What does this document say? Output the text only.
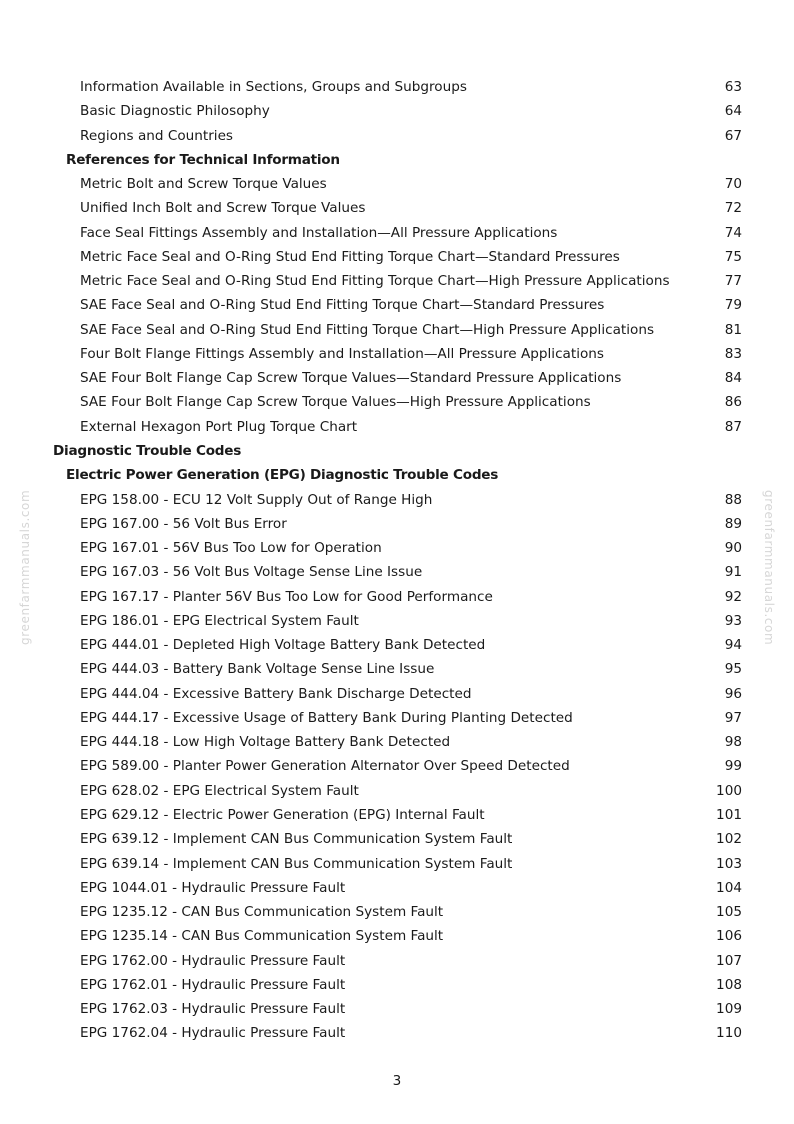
Information Available in Sections, Groups and Subgroups	63
Basic Diagnostic Philosophy	64
Regions and Countries	67
References for Technical Information
Metric Bolt and Screw Torque Values	70
Unified Inch Bolt and Screw Torque Values	72
Face Seal Fittings Assembly and Installation—All Pressure Applications	74
Metric Face Seal and O-Ring Stud End Fitting Torque Chart—Standard Pressures	75
Metric Face Seal and O-Ring Stud End Fitting Torque Chart—High Pressure Applications	77
SAE Face Seal and O-Ring Stud End Fitting Torque Chart—Standard Pressures	79
SAE Face Seal and O-Ring Stud End Fitting Torque Chart—High Pressure Applications	81
Four Bolt Flange Fittings Assembly and Installation—All Pressure Applications	83
SAE Four Bolt Flange Cap Screw Torque Values—Standard Pressure Applications	84
SAE Four Bolt Flange Cap Screw Torque Values—High Pressure Applications	86
External Hexagon Port Plug Torque Chart	87
Diagnostic Trouble Codes
Electric Power Generation (EPG) Diagnostic Trouble Codes
EPG 158.00 - ECU 12 Volt Supply Out of Range High	88
EPG 167.00 - 56 Volt Bus Error	89
EPG 167.01 - 56V Bus Too Low for Operation	90
EPG 167.03 - 56 Volt Bus Voltage Sense Line Issue	91
EPG 167.17 - Planter 56V Bus Too Low for Good Performance	92
EPG 186.01 - EPG Electrical System Fault	93
EPG 444.01 - Depleted High Voltage Battery Bank Detected	94
EPG 444.03 - Battery Bank Voltage Sense Line Issue	95
EPG 444.04 - Excessive Battery Bank Discharge Detected	96
EPG 444.17 - Excessive Usage of Battery Bank During Planting Detected	97
EPG 444.18 - Low High Voltage Battery Bank Detected	98
EPG 589.00 - Planter Power Generation Alternator Over Speed Detected	99
EPG 628.02 - EPG Electrical System Fault	100
EPG 629.12 - Electric Power Generation (EPG) Internal Fault	101
EPG 639.12 - Implement CAN Bus Communication System Fault	102
EPG 639.14 - Implement CAN Bus Communication System Fault	103
EPG 1044.01 - Hydraulic Pressure Fault	104
EPG 1235.12 - CAN Bus Communication System Fault	105
EPG 1235.14 - CAN Bus Communication System Fault	106
EPG 1762.00 - Hydraulic Pressure Fault	107
EPG 1762.01 - Hydraulic Pressure Fault	108
EPG 1762.03 - Hydraulic Pressure Fault	109
EPG 1762.04 - Hydraulic Pressure Fault	110
greenfarmmanuals.com	greenfarmmanuals.com
3
